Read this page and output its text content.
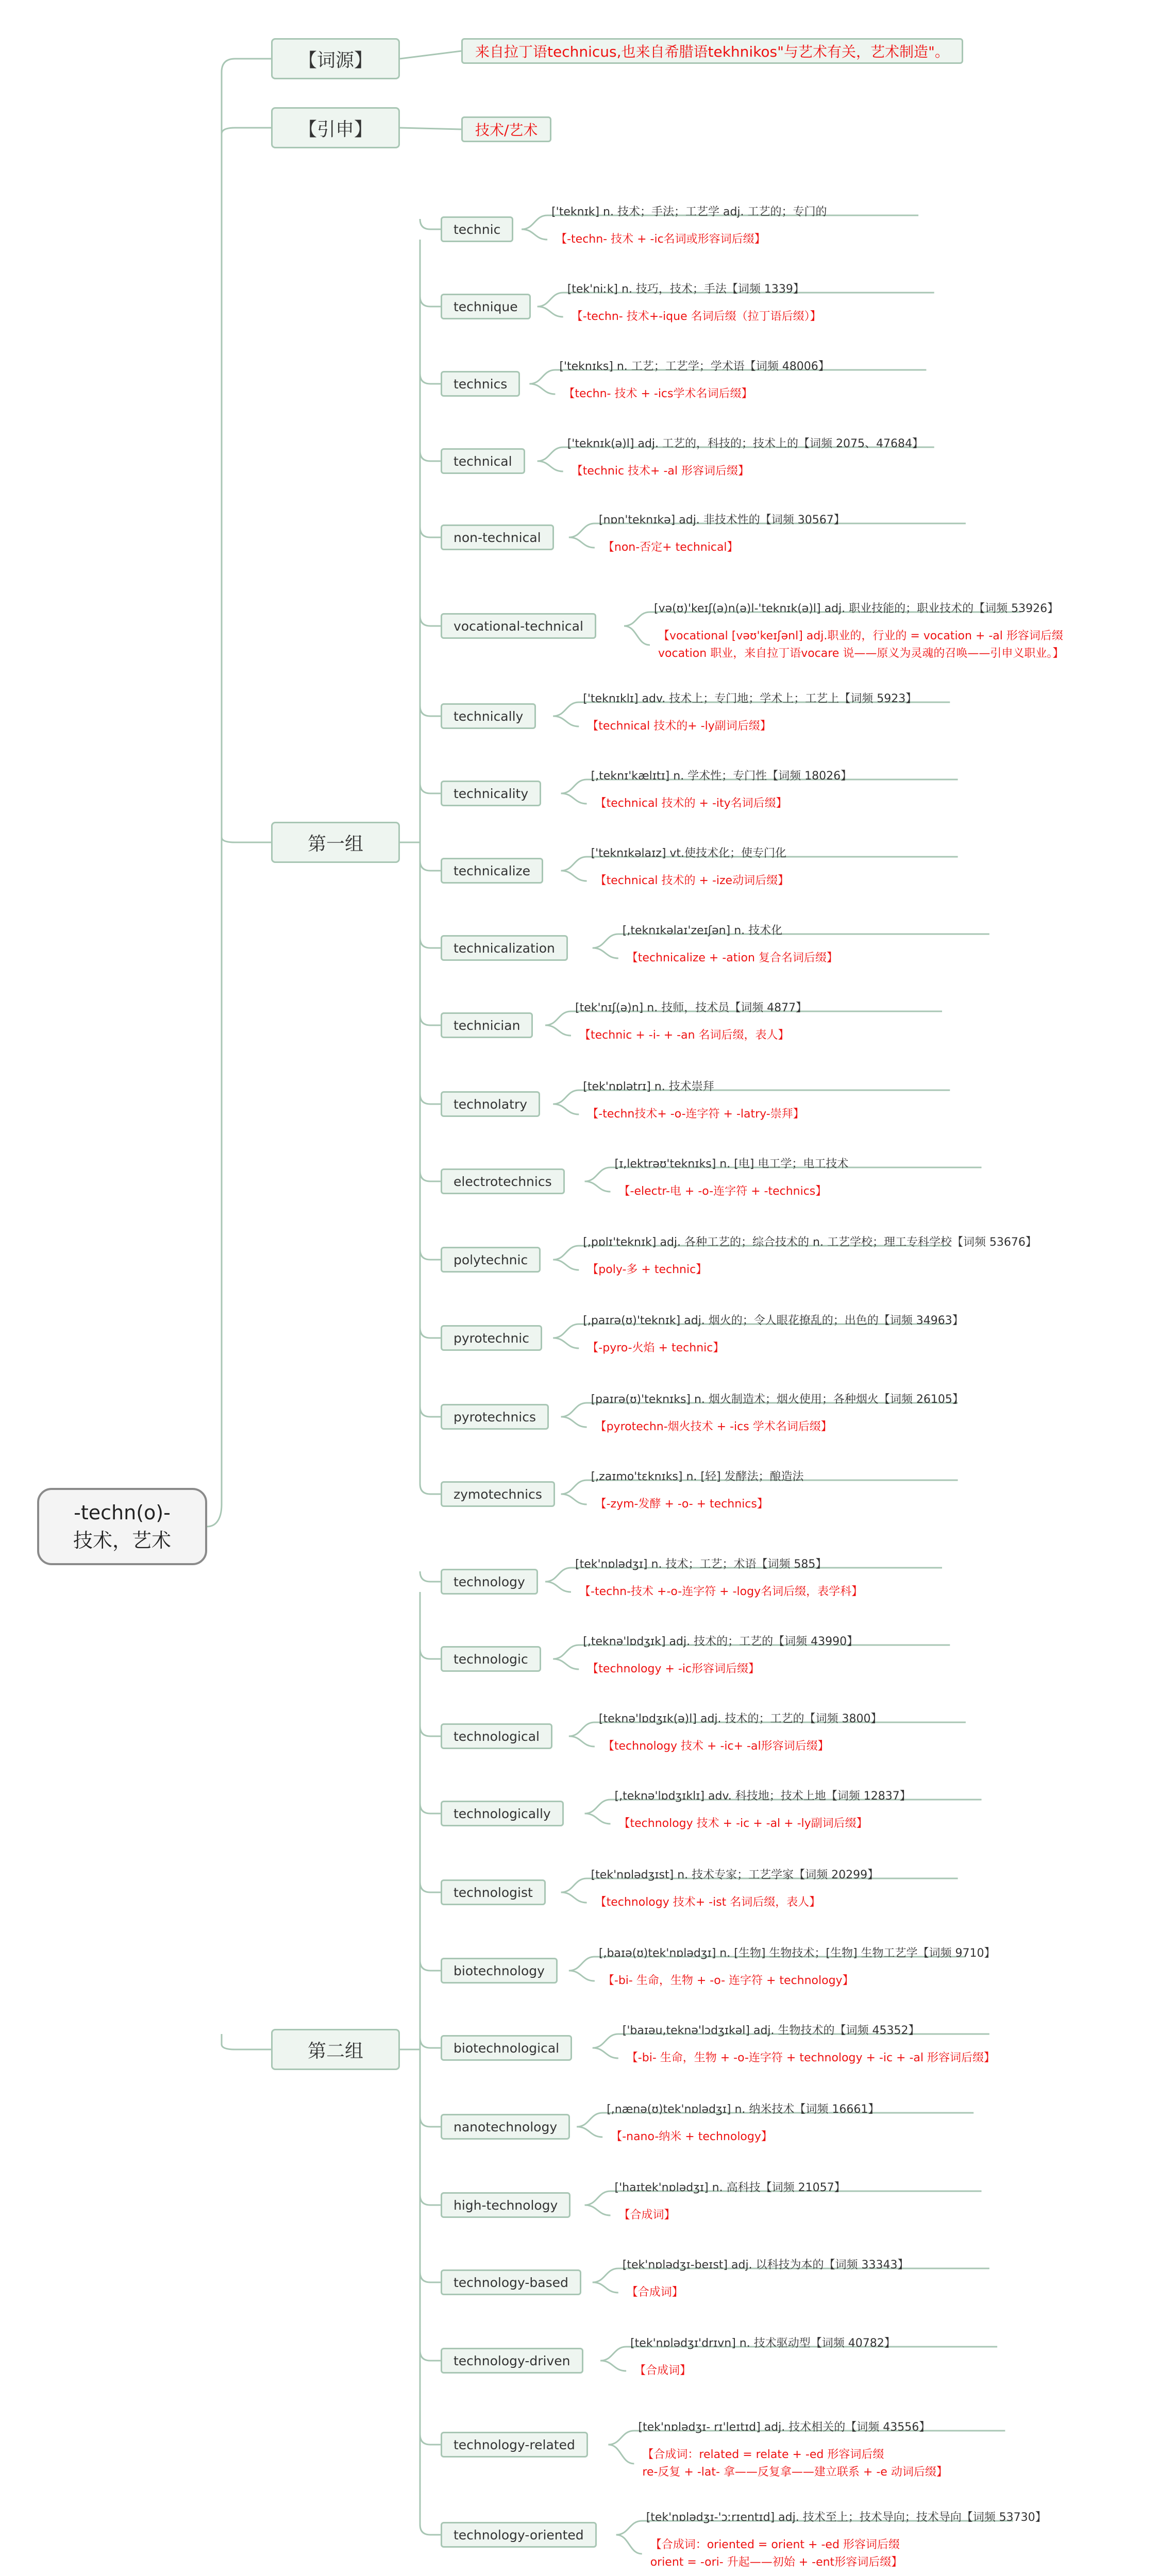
-techn(o)-
技术，艺术
【词源】	来自拉丁语technicus,也来自希腊语tekhnikos"与艺术有关，艺术制造"。
【引申】	技术/艺术
第一组
technic
['teknɪk] n. 技术；手法；工艺学 adj. 工艺的；专门的
【-techn- 技术 + -ic名词或形容词后缀】
technique
[tek'niːk] n. 技巧，技术；手法【词频 1339】
【-techn- 技术+-ique 名词后缀（拉丁语后缀）】
technics
['teknɪks] n. 工艺；工艺学；学术语【词频 48006】
【techn- 技术 + -ics学术名词后缀】
technical
['teknɪk(ə)l] adj. 工艺的，科技的；技术上的【词频 2075、47684】
【technic 技术+ -al 形容词后缀】
non-technical
[nɒn'teknɪkə] adj. 非技术性的【词频 30567】
【non-否定+ technical】
vocational-technical
[və(ʊ)'keɪʃ(ə)n(ə)l-'teknɪk(ə)l] adj. 职业技能的；职业技术的【词频 53926】
【vocational [vəʊ'keɪʃənl] adj.职业的，行业的 = vocation + -al 形容词后缀
vocation 职业，来自拉丁语vocare 说——原义为灵魂的召唤——引申义职业。】
technically
['teknɪklɪ] adv. 技术上；专门地；学术上；工艺上【词频 5923】
【technical 技术的+ -ly副词后缀】
technicality
[,teknɪ'kælɪtɪ] n. 学术性；专门性【词频 18026】
【technical 技术的 + -ity名词后缀】
technicalize
['teknɪkəlaɪz] vt.使技术化；使专门化
【technical 技术的 + -ize动词后缀】
technicalization
[,teknɪkəlaɪ'zeɪʃən] n. 技术化
【technicalize + -ation 复合名词后缀】
technician
[tek'nɪʃ(ə)n] n. 技师，技术员【词频 4877】
【technic + -i- + -an 名词后缀，表人】
technolatry
[tek'nɒlətrɪ] n. 技术崇拜
【-techn技术+ -o-连字符 + -latry-崇拜】
electrotechnics
[ɪ,lektrəʊ'teknɪks] n. [电] 电工学；电工技术
【-electr-电 + -o-连字符 + -technics】
polytechnic
[,pɒlɪ'teknɪk] adj. 各种工艺的；综合技术的 n. 工艺学校；理工专科学校【词频 53676】
【poly-多 + technic】
pyrotechnic
[,paɪrə(ʊ)'teknɪk] adj. 烟火的；令人眼花撩乱的；出色的【词频 34963】
【-pyro-火焰 + technic】
pyrotechnics
[paɪrə(ʊ)'teknɪks] n. 烟火制造术；烟火使用；各种烟火【词频 26105】
【pyrotechn-烟火技术 + -ics 学术名词后缀】
zymotechnics
[,zaɪmo'tɛknɪks] n. [轻] 发酵法；酿造法
【-zym-发酵 + -o- + technics】
第二组
technology
[tek'nɒlədʒɪ] n. 技术；工艺；术语【词频 585】
【-techn-技术 +-o-连字符 + -logy名词后缀，表学科】
technologic
[,teknə'lɒdʒɪk] adj. 技术的；工艺的【词频 43990】
【technology + -ic形容词后缀】
technological
[teknə'lɒdʒɪk(ə)l] adj. 技术的；工艺的【词频 3800】
【technology 技术 + -ic+ -al形容词后缀】
technologically
[,teknə'lɒdʒɪklɪ] adv. 科技地；技术上地【词频 12837】
【technology 技术 + -ic + -al + -ly副词后缀】
technologist
[tek'nɒlədʒɪst] n. 技术专家；工艺学家【词频 20299】
【technology 技术+ -ist 名词后缀，表人】
biotechnology
[,baɪə(ʊ)tek'nɒlədʒɪ] n. [生物] 生物技术；[生物] 生物工艺学【词频 9710】
【-bi- 生命，生物 + -o- 连字符 + technology】
biotechnological
['baɪəu,teknə'lɔdʒɪkəl] adj. 生物技术的【词频 45352】
【-bi- 生命，生物 + -o-连字符 + technology + -ic + -al 形容词后缀】
nanotechnology
[,nænə(ʊ)tek'nɒlədʒɪ] n. 纳米技术【词频 16661】
【-nano-纳米 + technology】
high-technology
['haɪtek'nɒlədʒɪ] n. 高科技【词频 21057】
【合成词】
technology-based
[tek'nɒlədʒɪ-beɪst] adj. 以科技为本的【词频 33343】
【合成词】
technology-driven
[tek'nɒlədʒɪ'drɪvn] n. 技术驱动型【词频 40782】
【合成词】
technology-related
[tek'nɒlədʒɪ- rɪ'leɪtɪd] adj. 技术相关的【词频 43556】
【合成词：related = relate + -ed 形容词后缀
re-反复 + -lat- 拿——反复拿——建立联系 + -e 动词后缀】
technology-oriented
[tek'nɒlədʒɪ-'ɔːrɪentɪd] adj. 技术至上；技术导向；技术导向【词频 53730】
【合成词：oriented = orient + -ed 形容词后缀
orient = -ori- 升起——初始 + -ent形容词后缀】
